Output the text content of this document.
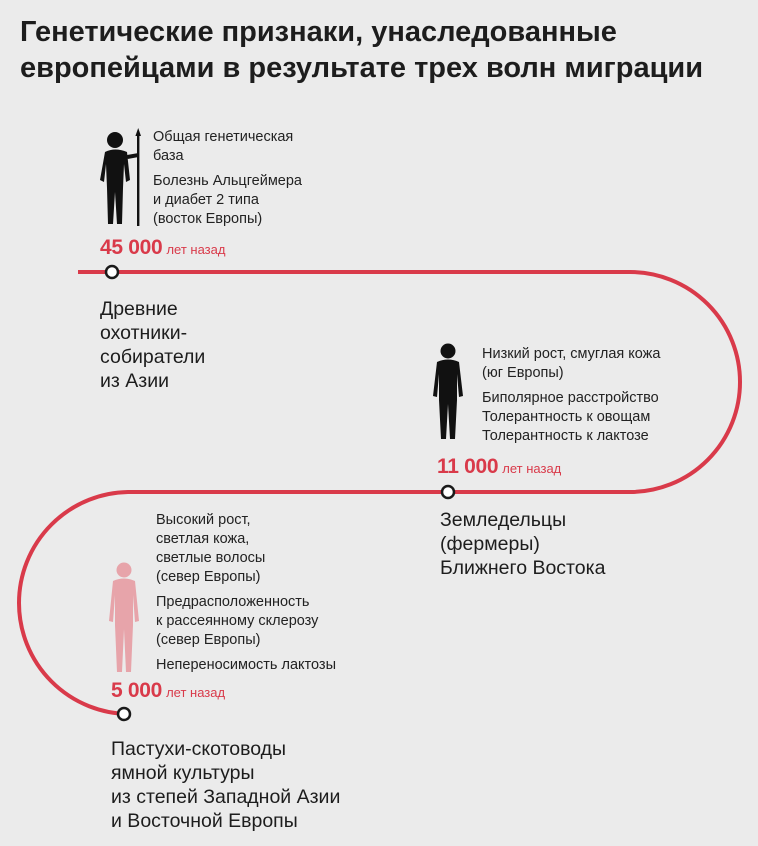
Генетические признаки, унаследованные
европейцами в результате трех волн миграции
Общая генетическая
база
Болезнь Альцгеймера
и диабет 2 типа
(восток Европы)
45 000 лет назад
Древние
охотники-
собиратели
из Азии
Низкий рост, смуглая кожа
(юг Европы)
Биполярное расстройство
Толерантность к овощам
Толерантность к лактозе
11 000 лет назад
Земледельцы
(фермеры)
Ближнего Востока
Высокий рост,
светлая кожа,
светлые волосы
(север Европы)
Предрасположенность
к рассеянному склерозу
(север Европы)
Непереносимость лактозы
5 000 лет назад
Пастухи-скотоводы
ямной культуры
из степей Западной Азии
и Восточной Европы
